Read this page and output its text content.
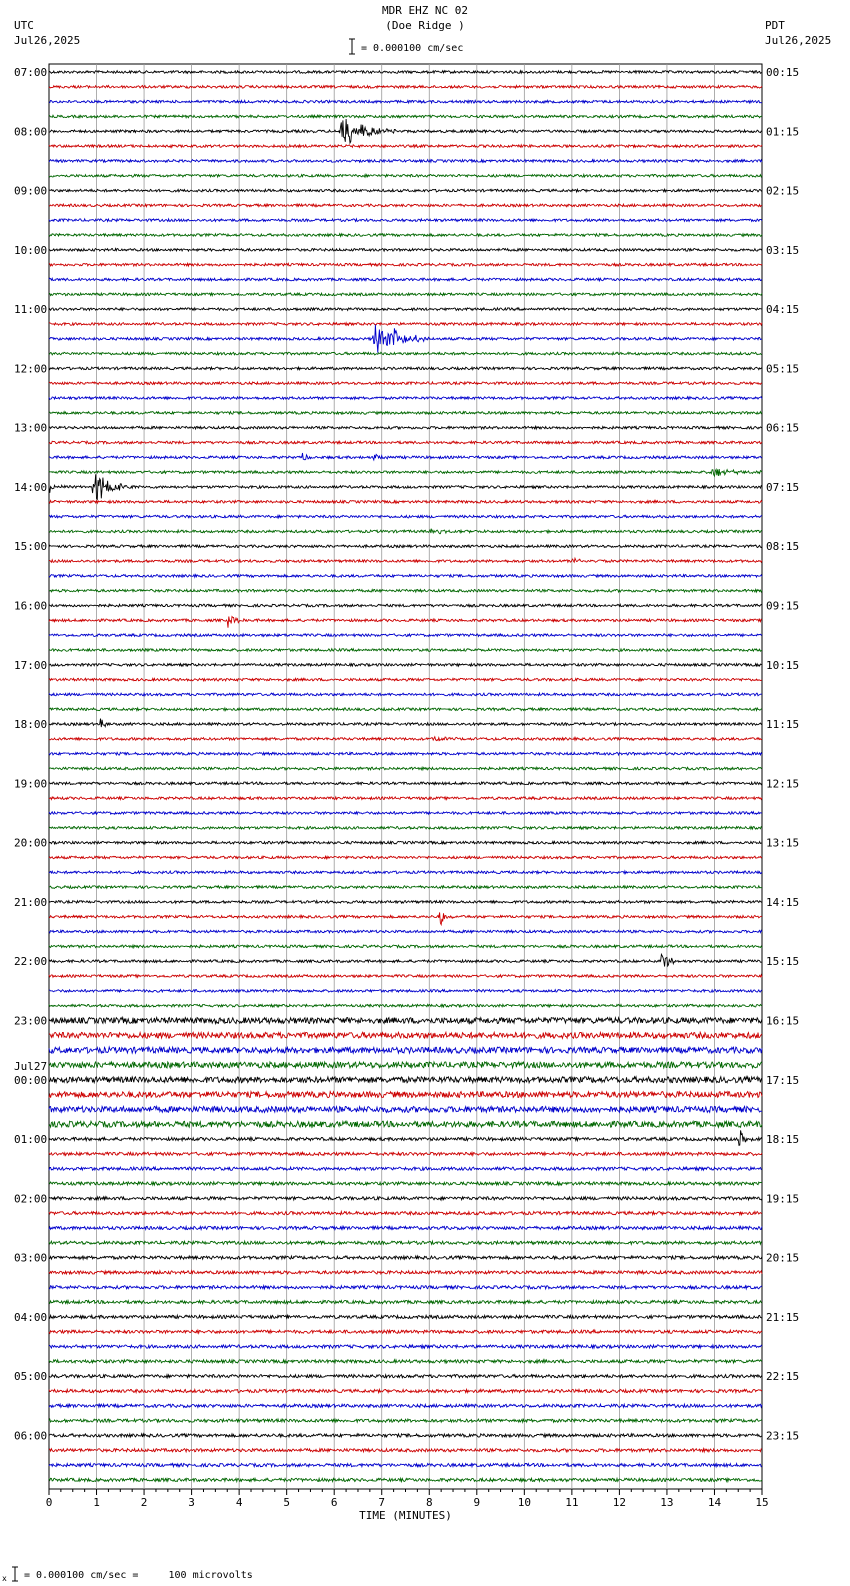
MDR EHZ NC 02
(Doe Ridge )
UTC
Jul26,2025
PDT
Jul26,2025
= 0.000100 cm/sec
07:00
08:00
09:00
10:00
11:00
12:00
13:00
14:00
15:00
16:00
17:00
18:00
19:00
20:00
21:00
22:00
23:00
00:00
Jul27
01:00
02:00
03:00
04:00
05:00
06:00
00:15
01:15
02:15
03:15
04:15
05:15
06:15
07:15
08:15
09:15
10:15
11:15
12:15
13:15
14:15
15:15
16:15
17:15
18:15
19:15
20:15
21:15
22:15
23:15
0	1	2	3	4	5	6	7	8	9	10	11	12	13	14	15
TIME (MINUTES)
x = 0.000100 cm/sec =     100 microvolts
